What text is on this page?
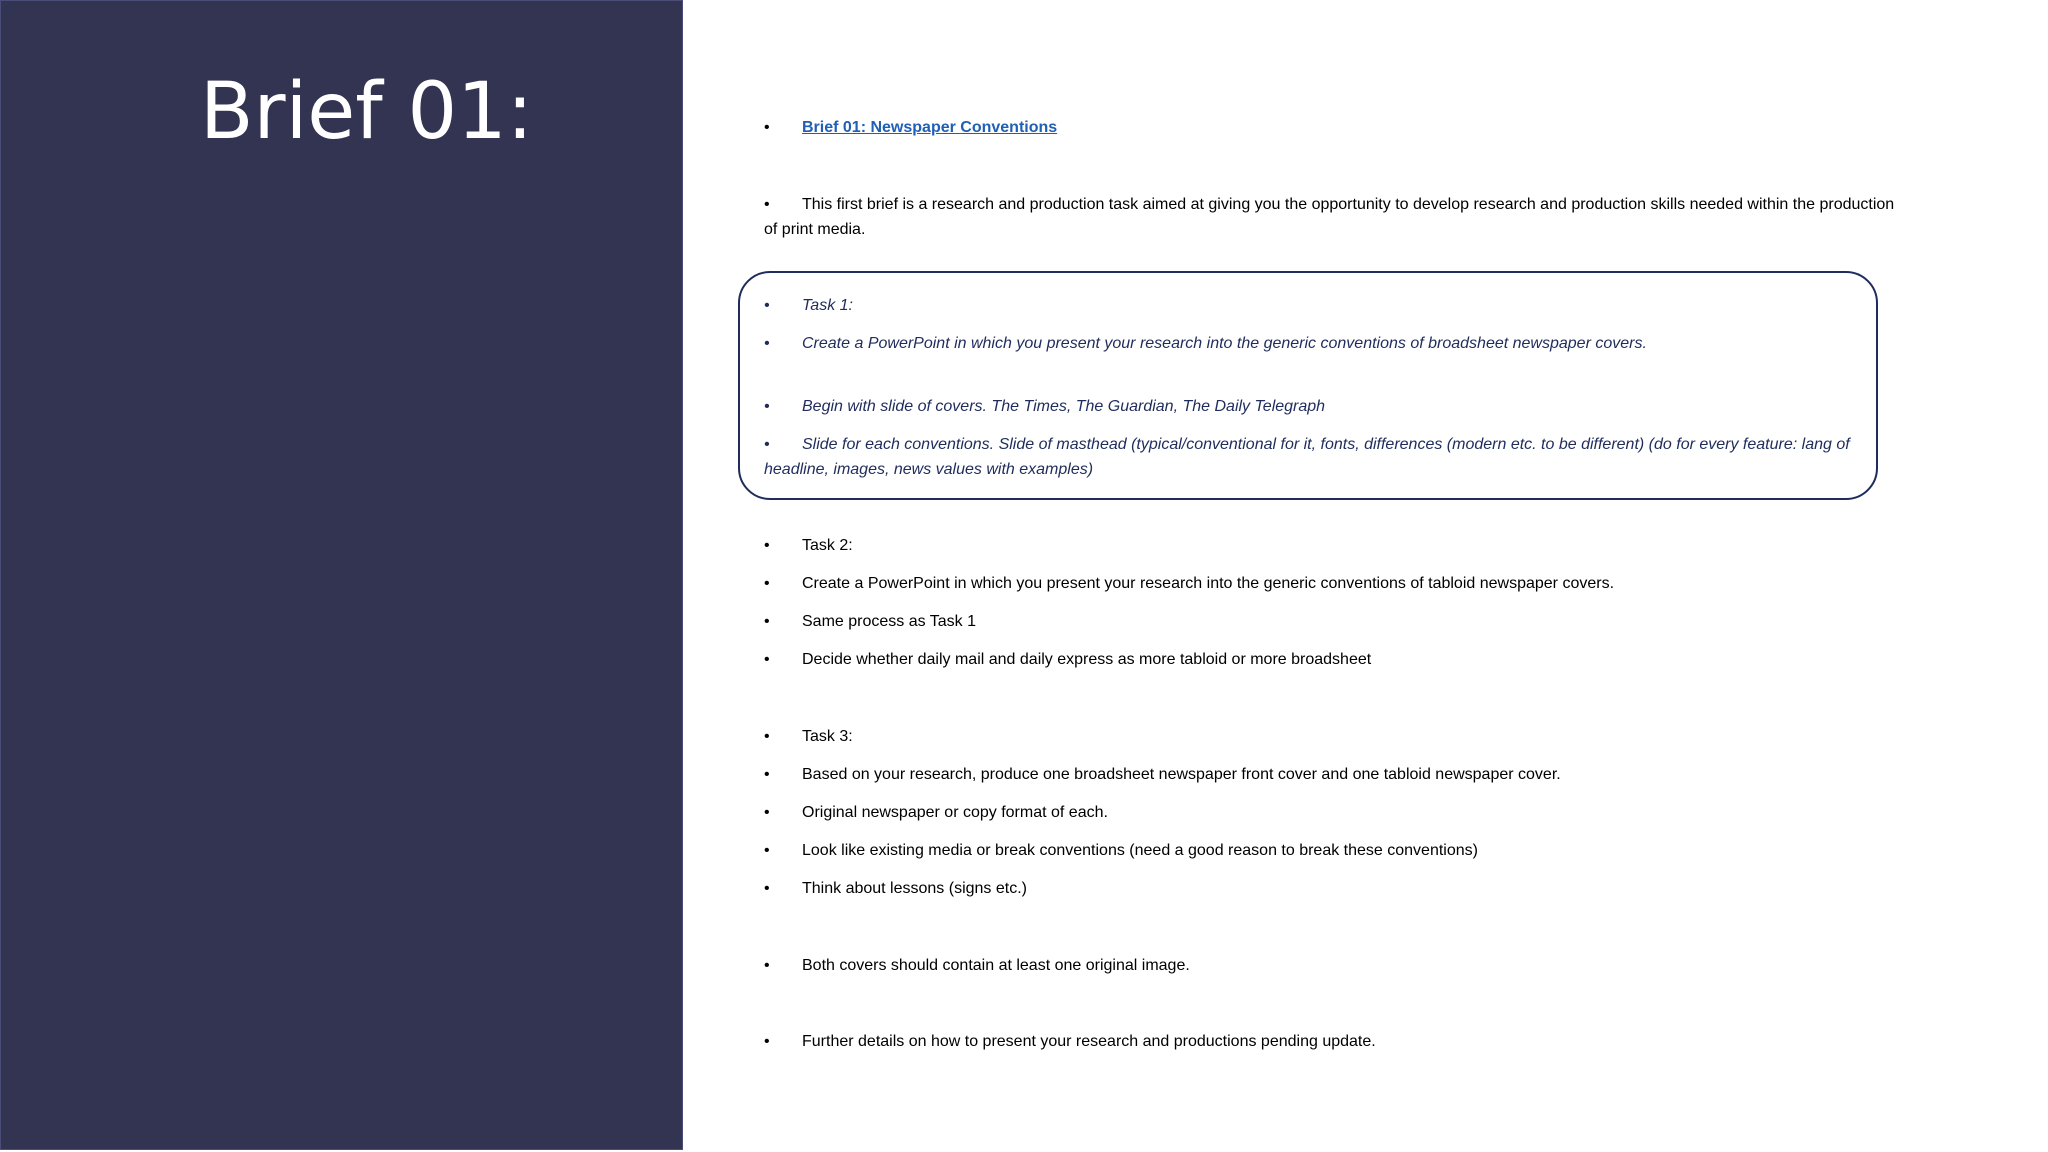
Brief 01:	• Brief 01: Newspaper Conventions
• This first brief is a research and production task aimed at giving you the opportunity to develop research and production skills needed within the production of print media.
• Task 1:
• Create a PowerPoint in which you present your research into the generic conventions of broadsheet newspaper covers.
• Begin with slide of covers. The Times, The Guardian, The Daily Telegraph
• Slide for each conventions. Slide of masthead (typical/conventional for it, fonts, differences (modern etc. to be different) (do for every feature: lang of headline, images, news values with examples)
• Task 2:
• Create a PowerPoint in which you present your research into the generic conventions of tabloid newspaper covers.
• Same process as Task 1
• Decide whether daily mail and daily express as more tabloid or more broadsheet
• Task 3:
• Based on your research, produce one broadsheet newspaper front cover and one tabloid newspaper cover.
• Original newspaper or copy format of each.
• Look like existing media or break conventions (need a good reason to break these conventions)
• Think about lessons (signs etc.)
• Both covers should contain at least one original image.
• Further details on how to present your research and productions pending update.
